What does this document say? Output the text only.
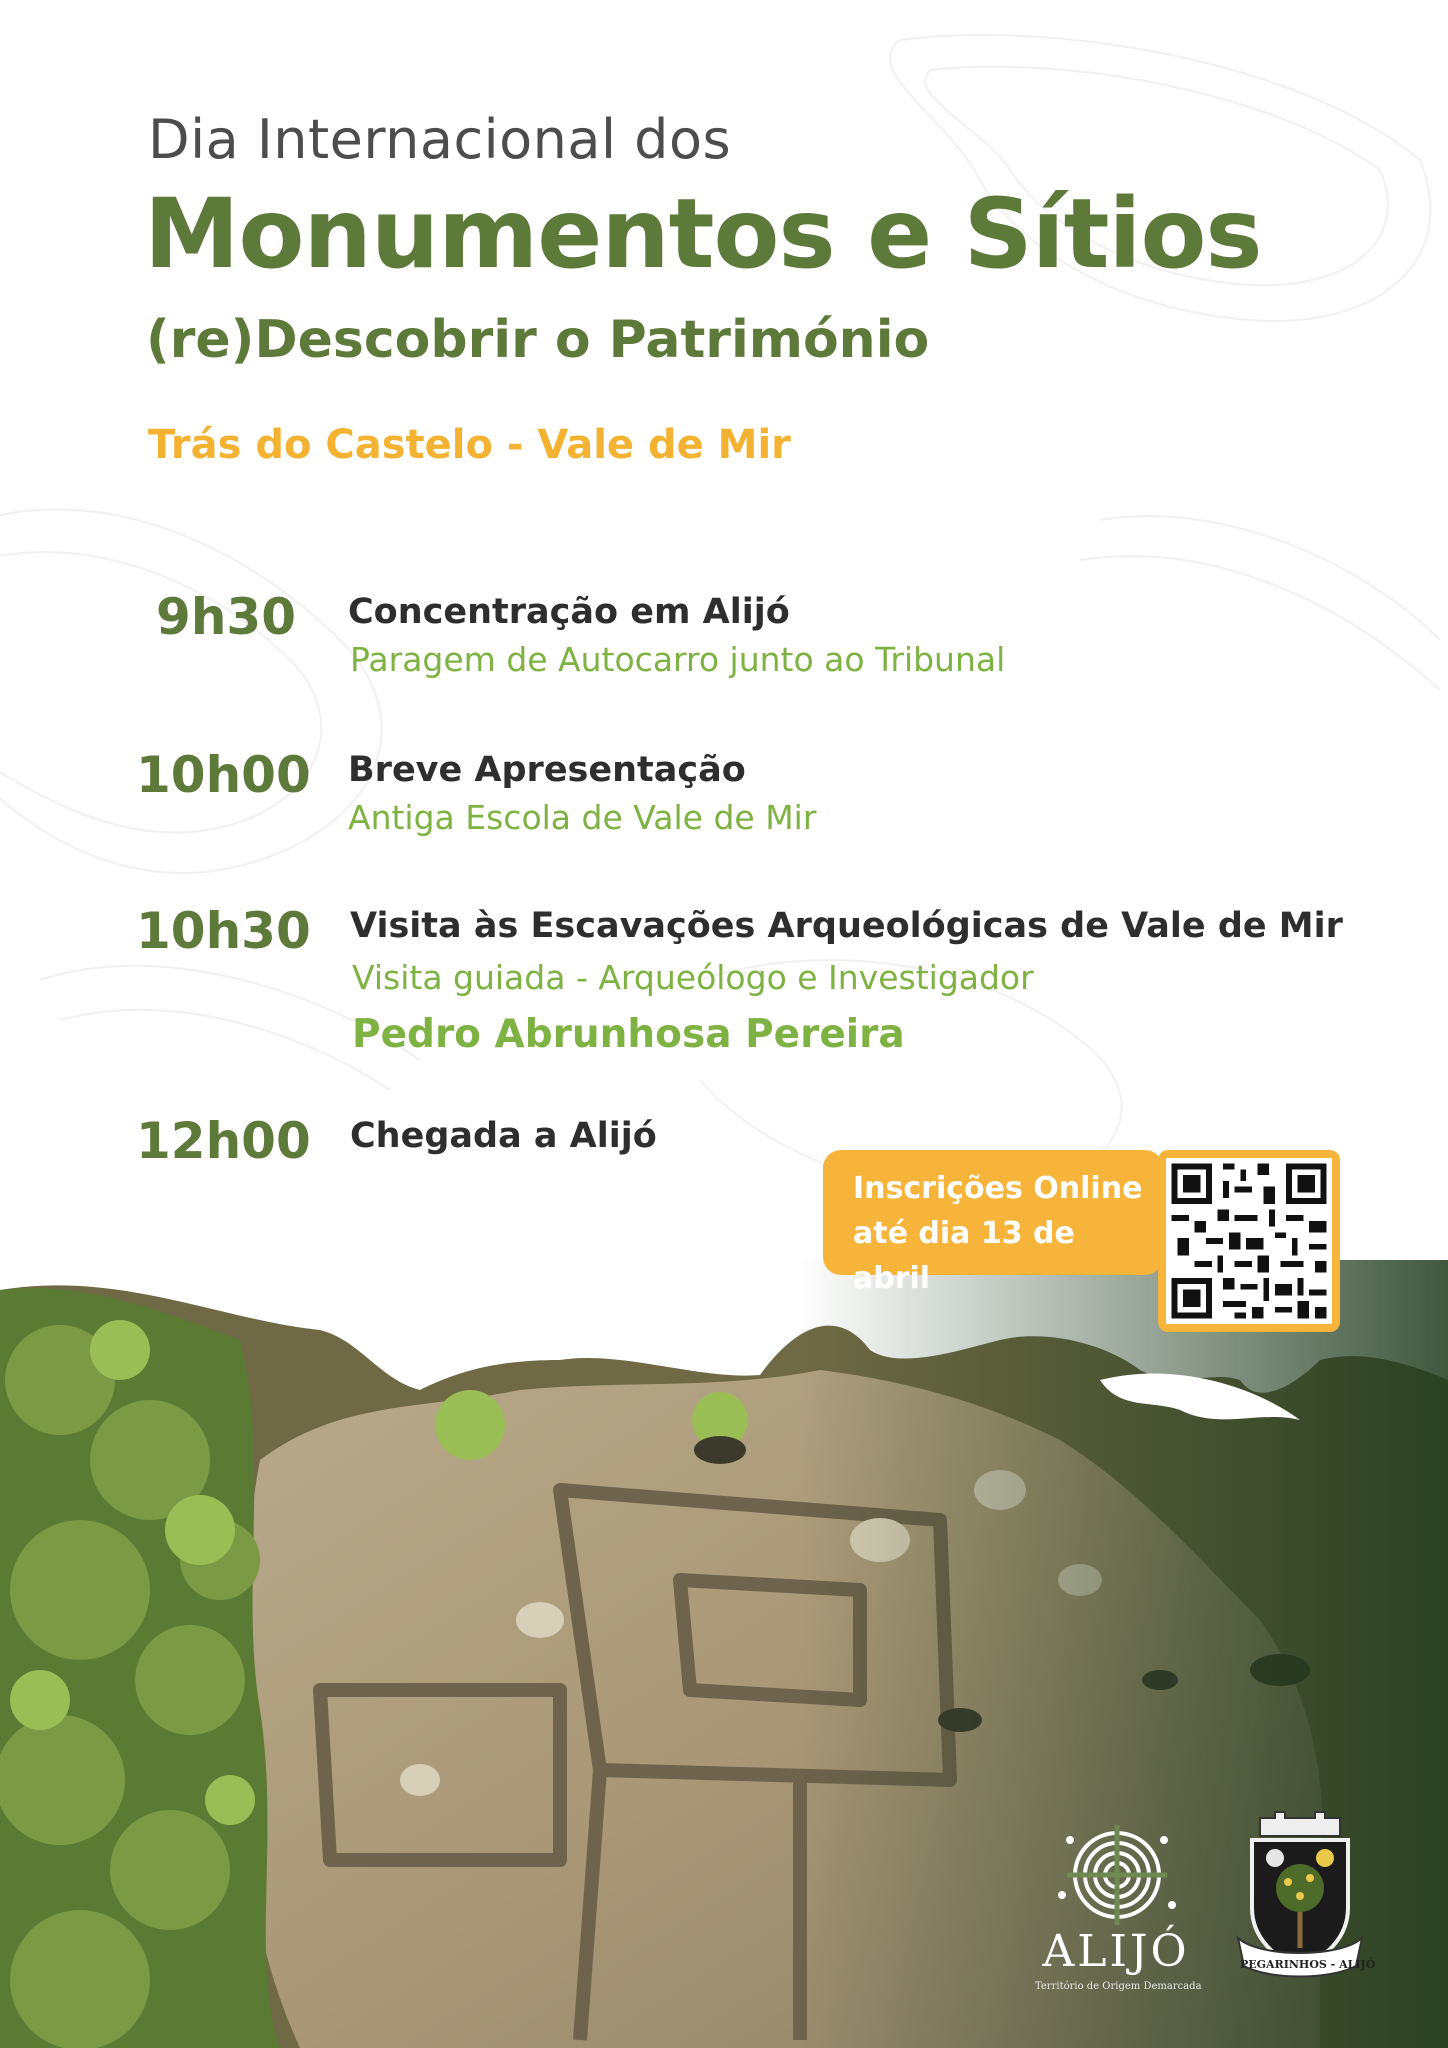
Dia Internacional dos
Monumentos e Sítios
(re)Descobrir o Património
Trás do Castelo - Vale de Mir
9h30 Concentração em Alijó
Paragem de Autocarro junto ao Tribunal
10h00 Breve Apresentação
Antiga Escola de Vale de Mir
10h30 Visita às Escavações Arqueológicas de Vale de Mir
Visita guiada - Arqueólogo e Investigador
Pedro Abrunhosa Pereira
12h00 Chegada a Alijó
Inscrições Online
até dia 13 de abril
ALIJÓ
Território de Origem Demarcada
PEGARINHOS - ALIJÓ
